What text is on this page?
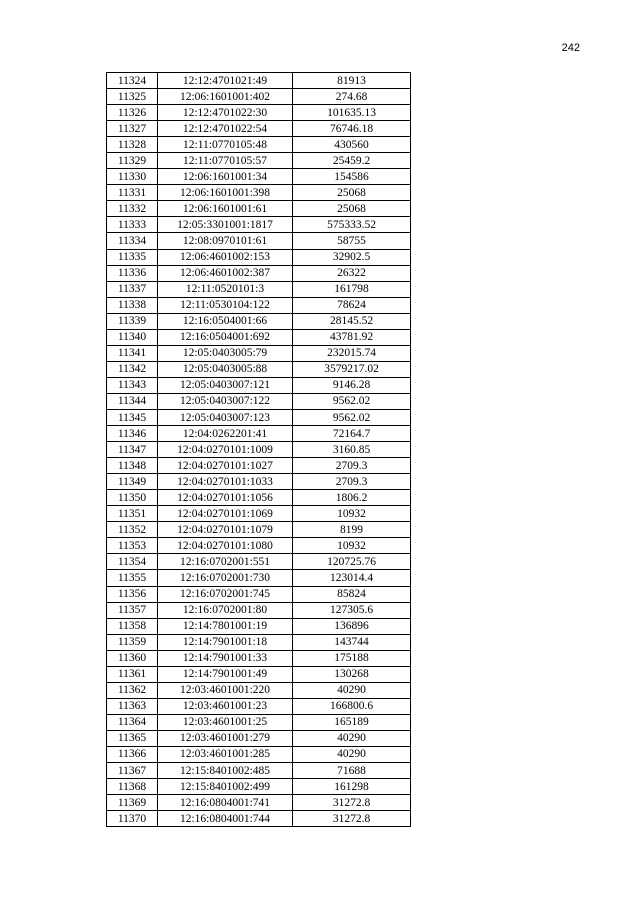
242
11324	12:12:4701021:49	81913
11325	12:06:1601001:402	274.68
11326	12:12:4701022:30	101635.13
11327	12:12:4701022:54	76746.18
11328	12:11:0770105:48	430560
11329	12:11:0770105:57	25459.2
11330	12:06:1601001:34	154586
11331	12:06:1601001:398	25068
11332	12:06:1601001:61	25068
11333	12:05:3301001:1817	575333.52
11334	12:08:0970101:61	58755
11335	12:06:4601002:153	32902.5
11336	12:06:4601002:387	26322
11337	12:11:0520101:3	161798
11338	12:11:0530104:122	78624
11339	12:16:0504001:66	28145.52
11340	12:16:0504001:692	43781.92
11341	12:05:0403005:79	232015.74
11342	12:05:0403005:88	3579217.02
11343	12:05:0403007:121	9146.28
11344	12:05:0403007:122	9562.02
11345	12:05:0403007:123	9562.02
11346	12:04:0262201:41	72164.7
11347	12:04:0270101:1009	3160.85
11348	12:04:0270101:1027	2709.3
11349	12:04:0270101:1033	2709.3
11350	12:04:0270101:1056	1806.2
11351	12:04:0270101:1069	10932
11352	12:04:0270101:1079	8199
11353	12:04:0270101:1080	10932
11354	12:16:0702001:551	120725.76
11355	12:16:0702001:730	123014.4
11356	12:16:0702001:745	85824
11357	12:16:0702001:80	127305.6
11358	12:14:7801001:19	136896
11359	12:14:7901001:18	143744
11360	12:14:7901001:33	175188
11361	12:14:7901001:49	130268
11362	12:03:4601001:220	40290
11363	12:03:4601001:23	166800.6
11364	12:03:4601001:25	165189
11365	12:03:4601001:279	40290
11366	12:03:4601001:285	40290
11367	12:15:8401002:485	71688
11368	12:15:8401002:499	161298
11369	12:16:0804001:741	31272.8
11370	12:16:0804001:744	31272.8
